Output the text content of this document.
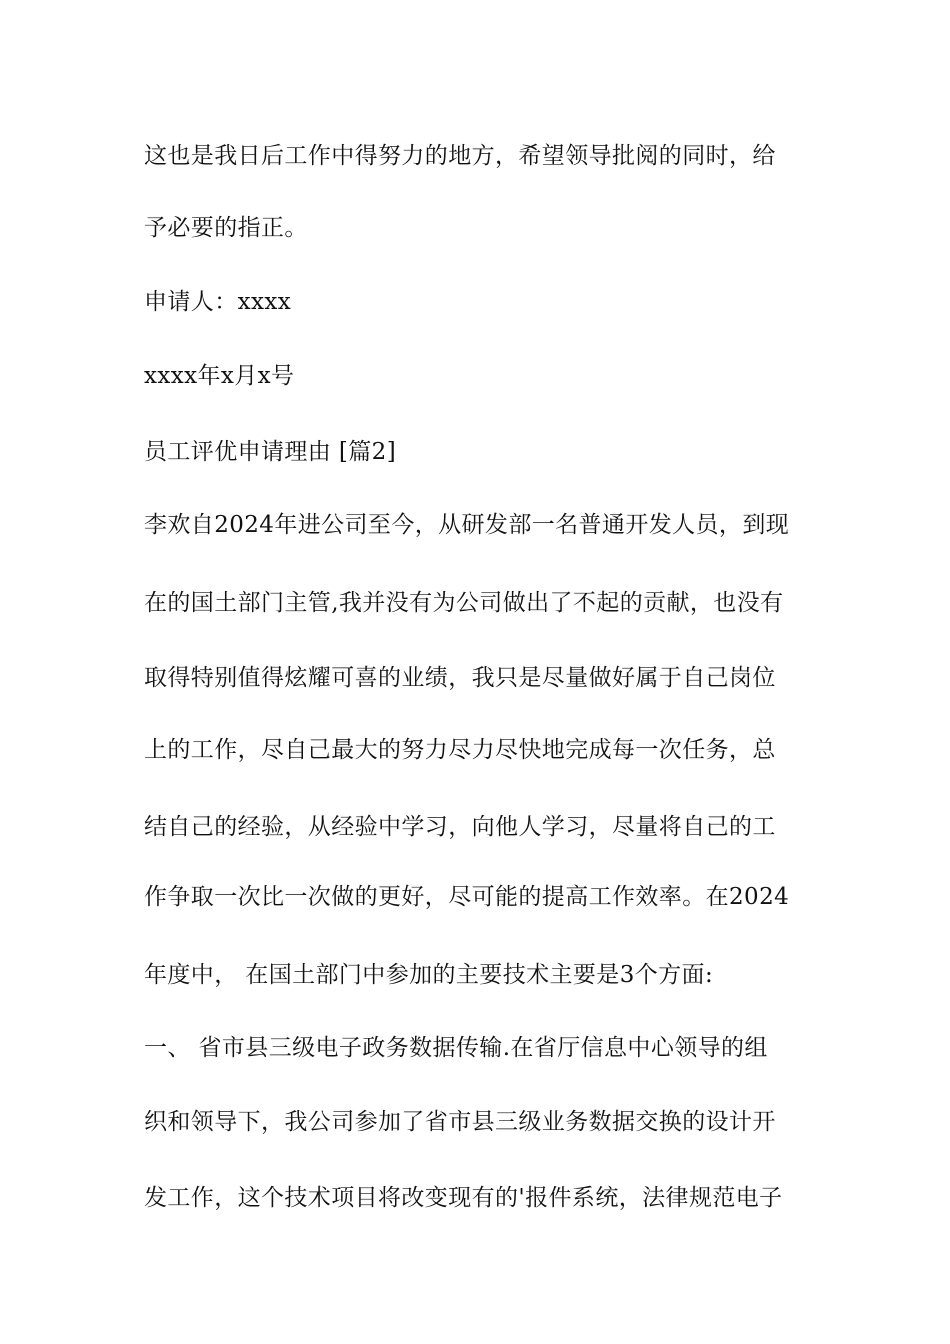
这也是我日后工作中得努力的地方，希望领导批阅的同时，给
予必要的指正。
申请人：xxxx
xxxx年x月x号
员工评优申请理由 [篇2]
李欢自2024年进公司至今，从研发部一名普通开发人员，到现
在的国土部门主管,我并没有为公司做出了不起的贡献，也没有
取得特别值得炫耀可喜的业绩，我只是尽量做好属于自己岗位
上的工作，尽自己最大的努力尽力尽快地完成每一次任务，总
结自己的经验，从经验中学习，向他人学习，尽量将自己的工
作争取一次比一次做的更好，尽可能的提高工作效率。在2024
年度中， 在国土部门中参加的主要技术主要是3个方面:
一、 省市县三级电子政务数据传输.在省厅信息中心领导的组
织和领导下，我公司参加了省市县三级业务数据交换的设计开
发工作，这个技术项目将改变现有的'报件系统，法律规范电子
